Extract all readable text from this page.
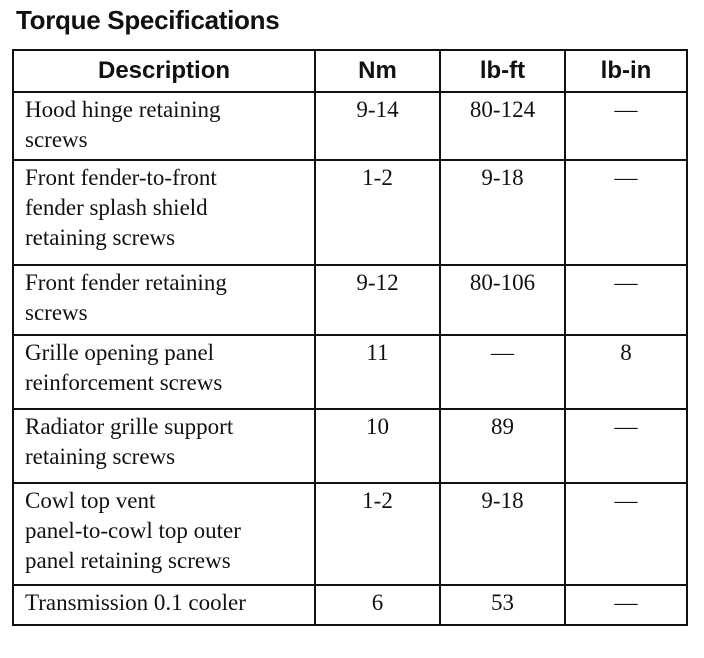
Torque Specifications
Description	Nm	lb-ft	lb-in

Hood hinge retaining
screws	9-14	80-124	—

Front fender-to-front
fender splash shield
retaining screws	1-2	9-18	—

Front fender retaining
screws	9-12	80-106	—

Grille opening panel
reinforcement screws	11	—	8

Radiator grille support
retaining screws	10	89	—

Cowl top vent
panel-to-cowl top outer
panel retaining screws	1-2	9-18	—

Transmission 0.1 cooler	6	53	—
